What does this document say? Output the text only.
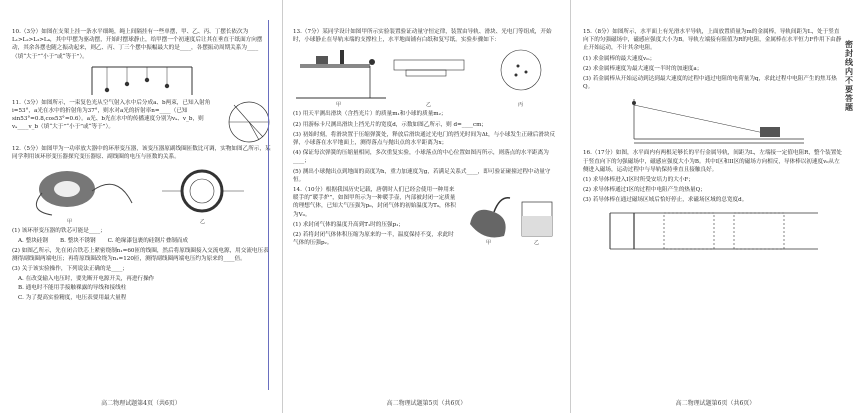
10.（3分）如图在支架上挂一条水平细绳，绳上间隔挂有一些单摆，甲、乙、丙、丁摆长依次为L₁>L₂>L₃>L₄，其中甲摆为驱动摆，开始时摆球静止，给甲摆一个初速度后让其在垂直于纸面方向摆动，其余各摆也随之振动起来，则乙、丙、丁三个摆中振幅最大的是____，各摆振动周期关系为____（填“大于”“小于”或“等于”）。

11.（3分）如图所示，一束复色光从空气射入水中后分成a、b两束，已知入射角i=53°，a光在水中的折射角为37°，则水对a光的折射率n=____（已知sin53°=0.8,cos53°=0.6）。a光、b光在水中的传播速度分别为vₐ、v_b，则vₐ____v_b（填“大于”“小于”或“等于”）。

12.（5分）如图甲为一功率放大器中的环形变压器，该变压器原副线圈匝数比可调，实物如图乙所示，某同学利用该环形变压器探究变压器原、副线圈的电压与匝数的关系。

甲	乙

(1) 该环形变压器的铁芯可能是____；

A. 整块硅钢 B. 整块不锈钢 C. 绝缘漆包裹的硅钢片叠制而成

(2) 如图乙所示，先在闭合铁芯上紧密绕制n₁=60匝的线圈，然后将原线圈接入交流电源，用交流电压表测得副线圈两端电压；再将原线圈改绕为n₁=120匝，测得副线圈两端电压约为原来的____倍。

(3) 关于该实验操作，下列说法正确的是____；

A. 在改变输入电压时，要先断开电源开关，再进行操作

B. 通电时不能用手接触裸露的导线和接线柱

C. 为了提高实验精度，电压表要用最大量程

高二物理试题第4页（共6页）

13.（7分）某同学设计如图甲所示实验装置验证动量守恒定律，装置由导轨、滑块、光电门等组成，开始时，小球静止在导轨末端的支撑柱上，水平地面铺有白纸和复写纸。实验步骤如下：

甲	乙	丙

(1) 用天平测出滑块（含挡光片）的质量m₁和小球的质量m₂；

(2) 用游标卡尺测出滑块上挡光片的宽度d，示数如图乙所示，则 d=____cm；

(3) 初始时刻，将滑块置于压缩弹簧处，释放后滑块通过光电门的挡光时间为Δt，与小球发生正碰后滑块反弹，小球落在水平地面上，测得落点与抛出点的水平距离为x；

(4) 保证每次弹簧的压缩量相同，多次重复实验，小球落点的中心位置如图丙所示，则落点的水平距离为____；

(5) 测出小球抛出点到地面的高度为h，重力加速度为g，若满足关系式____，即可验证碰撞过程中动量守恒。

14.（10分）根据我国历史记载，唐朝时人们已经会使用一种用来暖手的“暖手炉”，如图甲所示为一种暖手壶，内部被封闭一定质量的理想气体，已知大气压强为p₀，封闭气体的初始温度为T₀，体积为V₀。

(1) 求封闭气体的温度升高到T₁时的压强p₁；

(2) 若将封闭气体体积压缩为原来的一半，温度保持不变，求此时气体的压强p₂。	甲	乙
高二物理试题第5页（共6页）

15.（8分）如图所示，水平面上有光滑水平导轨，上面放置质量为m的金属棒，导轨间距为L，处于竖直向下的匀强磁场中，磁感应强度大小为B。导轨左端接有阻值为R的电阻，金属棒在水平恒力F作用下由静止开始运动，不计其余电阻。

(1) 求金属棒的最大速度vₘ；

(2) 求金属棒速度为最大速度一半时的加速度a；

(3) 若金属棒从开始运动到达到最大速度的过程中通过电阻的电荷量为q，求此过程中电阻产生的焦耳热Q。

16.（17分）如图，水平面内有两根足够长的平行金属导轨，间距为L，左端接一定值电阻R，整个装置处于竖直向下的匀强磁场中，磁感应强度大小为B。其中I区和II区的磁场方向相反，导体棒以初速度v₀从左侧进入磁场，运动过程中与导轨保持垂直且接触良好。

(1) 求导体棒进入I区时所受安培力的大小F；

(2) 求导体棒通过I区的过程中电阻产生的热量Q；

(3) 若导体棒在通过磁场区域后恰好停止，求磁场区域的总宽度d。

高二物理试题第6页（共6页）
密封线内不要答题
